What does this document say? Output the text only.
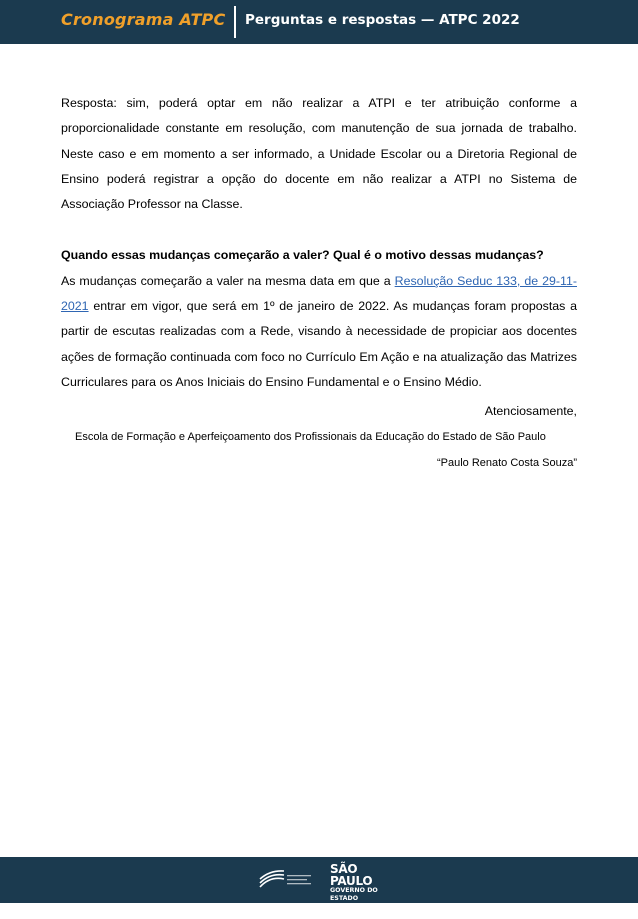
Cronograma ATPC Perguntas e respostas — ATPC 2022

Resposta: sim, poderá optar em não realizar a ATPI e ter atribuição conforme a proporcionalidade constante em resolução, com manutenção de sua jornada de trabalho. Neste caso e em momento a ser informado, a Unidade Escolar ou a Diretoria Regional de Ensino poderá registrar a opção do docente em não realizar a ATPI no Sistema de Associação Professor na Classe.

Quando essas mudanças começarão a valer? Qual é o motivo dessas mudanças?

As mudanças começarão a valer na mesma data em que a Resolução Seduc 133, de 29-11-2021 entrar em vigor, que será em 1º de janeiro de 2022. As mudanças foram propostas a partir de escutas realizadas com a Rede, visando à necessidade de propiciar aos docentes ações de formação continuada com foco no Currículo Em Ação e na atualização das Matrizes Curriculares para os Anos Iniciais do Ensino Fundamental e o Ensino Médio.

Atenciosamente,
Escola de Formação e Aperfeiçoamento dos Profissionais da Educação do Estado de São Paulo
“Paulo Renato Costa Souza”
SÃO PAULO
GOVERNO DO ESTADO
| SECRETARIA DA EDUCAÇÃO
